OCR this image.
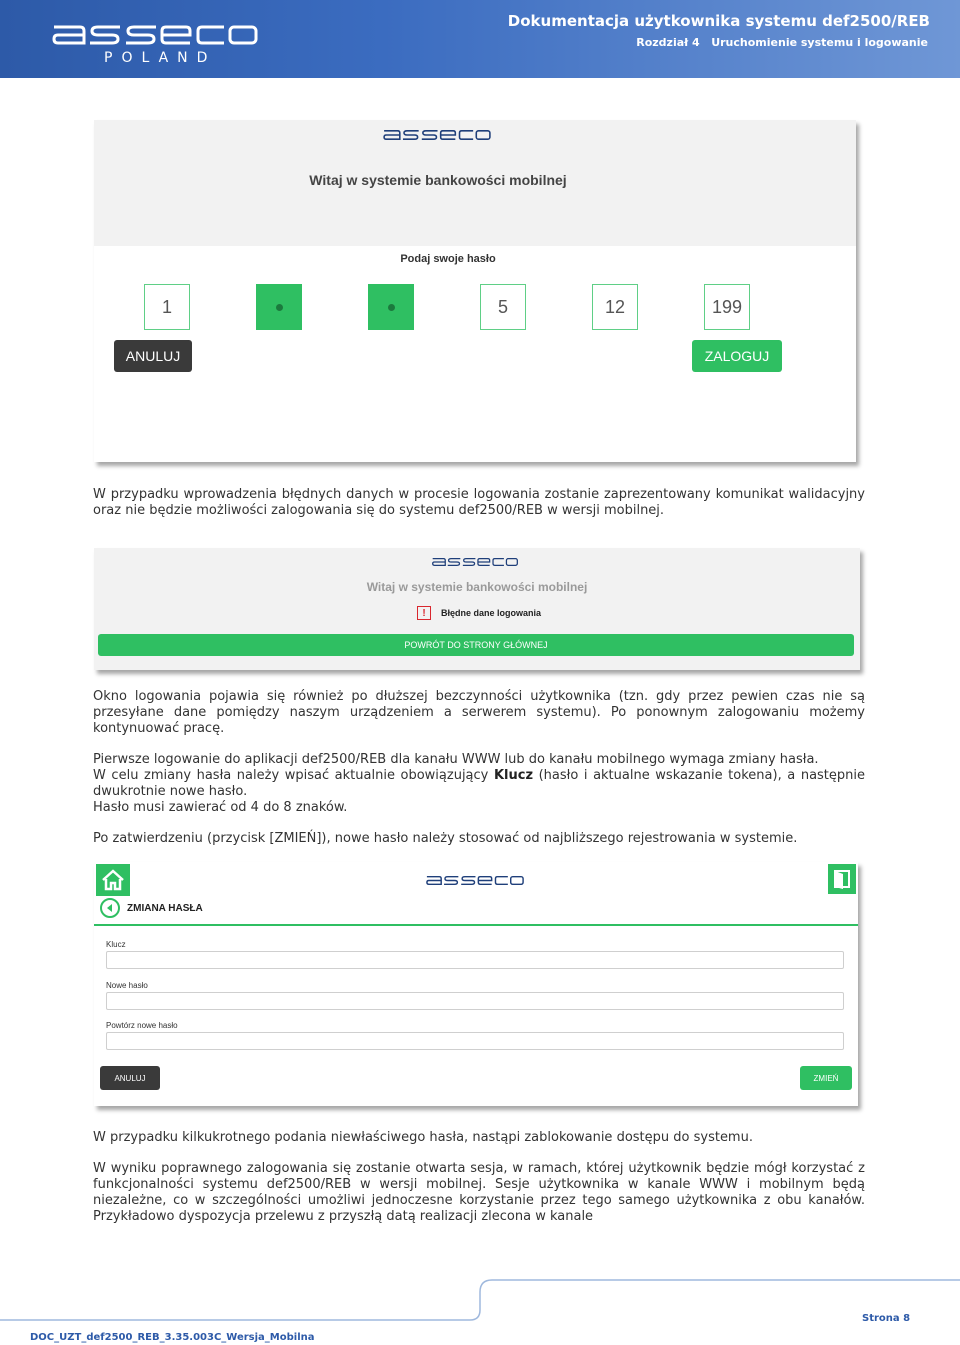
POLAND
Dokumentacja użytkownika systemu def2500/REB
Rozdział 4   Uruchomienie systemu i logowanie
Witaj w systemie bankowości mobilnej
Podaj swoje hasło
1	5	12	199
ANULUJ	ZALOGUJ
W przypadku wprowadzenia błędnych danych w procesie logowania zostanie zaprezentowany komunikat walidacyjny oraz nie będzie możliwości zalogowania się do systemu def2500/REB w wersji mobilnej.
Witaj w systemie bankowości mobilnej
!	Błędne dane logowania
POWRÓT DO STRONY GŁÓWNEJ
Okno logowania pojawia się również po dłuższej bezczynności użytkownika (tzn. gdy przez pewien czas nie są przesyłane dane pomiędzy naszym urządzeniem a serwerem systemu). Po ponownym zalogowaniu możemy kontynuować pracę.
Pierwsze logowanie do aplikacji def2500/REB dla kanału WWW lub do kanału mobilnego wymaga zmiany hasła.
W celu zmiany hasła należy wpisać aktualnie obowiązujący Klucz (hasło i aktualne wskazanie tokena), a następnie dwukrotnie nowe hasło.
Hasło musi zawierać od 4 do 8 znaków.
Po zatwierdzeniu (przycisk [ZMIEŃ]), nowe hasło należy stosować od najbliższego rejestrowania w systemie.
ZMIANA HASŁA
Klucz
Nowe hasło
Powtórz nowe hasło
ANULUJ	ZMIEŃ
W przypadku kilkukrotnego podania niewłaściwego hasła, nastąpi zablokowanie dostępu do systemu.
W wyniku poprawnego zalogowania się zostanie otwarta sesja, w ramach, której użytkownik będzie mógł korzystać z funkcjonalności systemu def2500/REB w wersji mobilnej. Sesje użytkownika w kanale WWW i mobilnym będą niezależne, co w szczególności umożliwi jednoczesne korzystanie przez tego samego użytkownika z obu kanałów. Przykładowo dyspozycja przelewu z przyszłą datą realizacji zlecona w kanale
DOC_UZT_def2500_REB_3.35.003C_Wersja_Mobilna
Strona 8
